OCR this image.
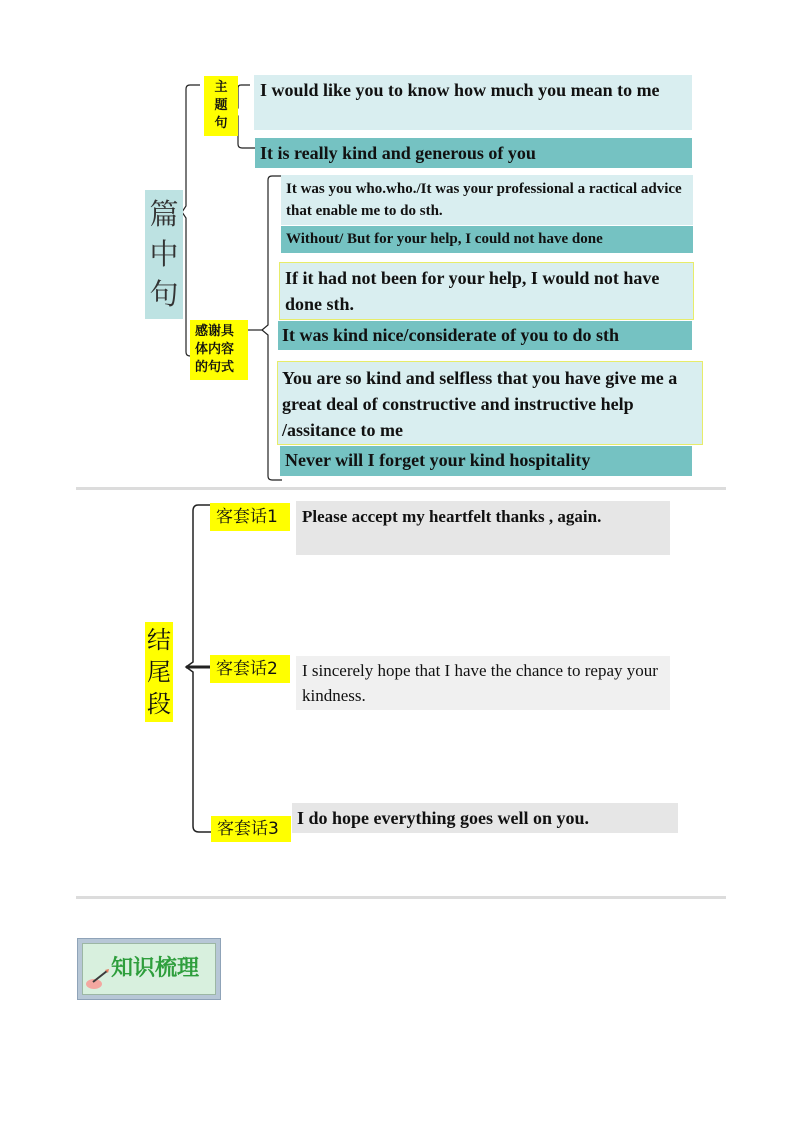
篇中句
主题句
感谢具体内容的句式
I would like you to know how much you mean to me
It is really kind and generous of you
It was you who.who./It was your professional a ractical advice that enable me to do sth.
Without/ But for your help, I could not have done
If it had not been for your help, I would not have done sth.
It was kind nice/considerate of you to do sth
You are so kind and selfless that you have give me a great deal of constructive and instructive help /assitance to me
Never will I forget your kind hospitality
结尾段
客套话1	Please accept my heartfelt thanks , again.
客套话2	I sincerely hope that I have the chance to repay your kindness.
客套话3
I do hope everything goes well on you.
知识梳理
